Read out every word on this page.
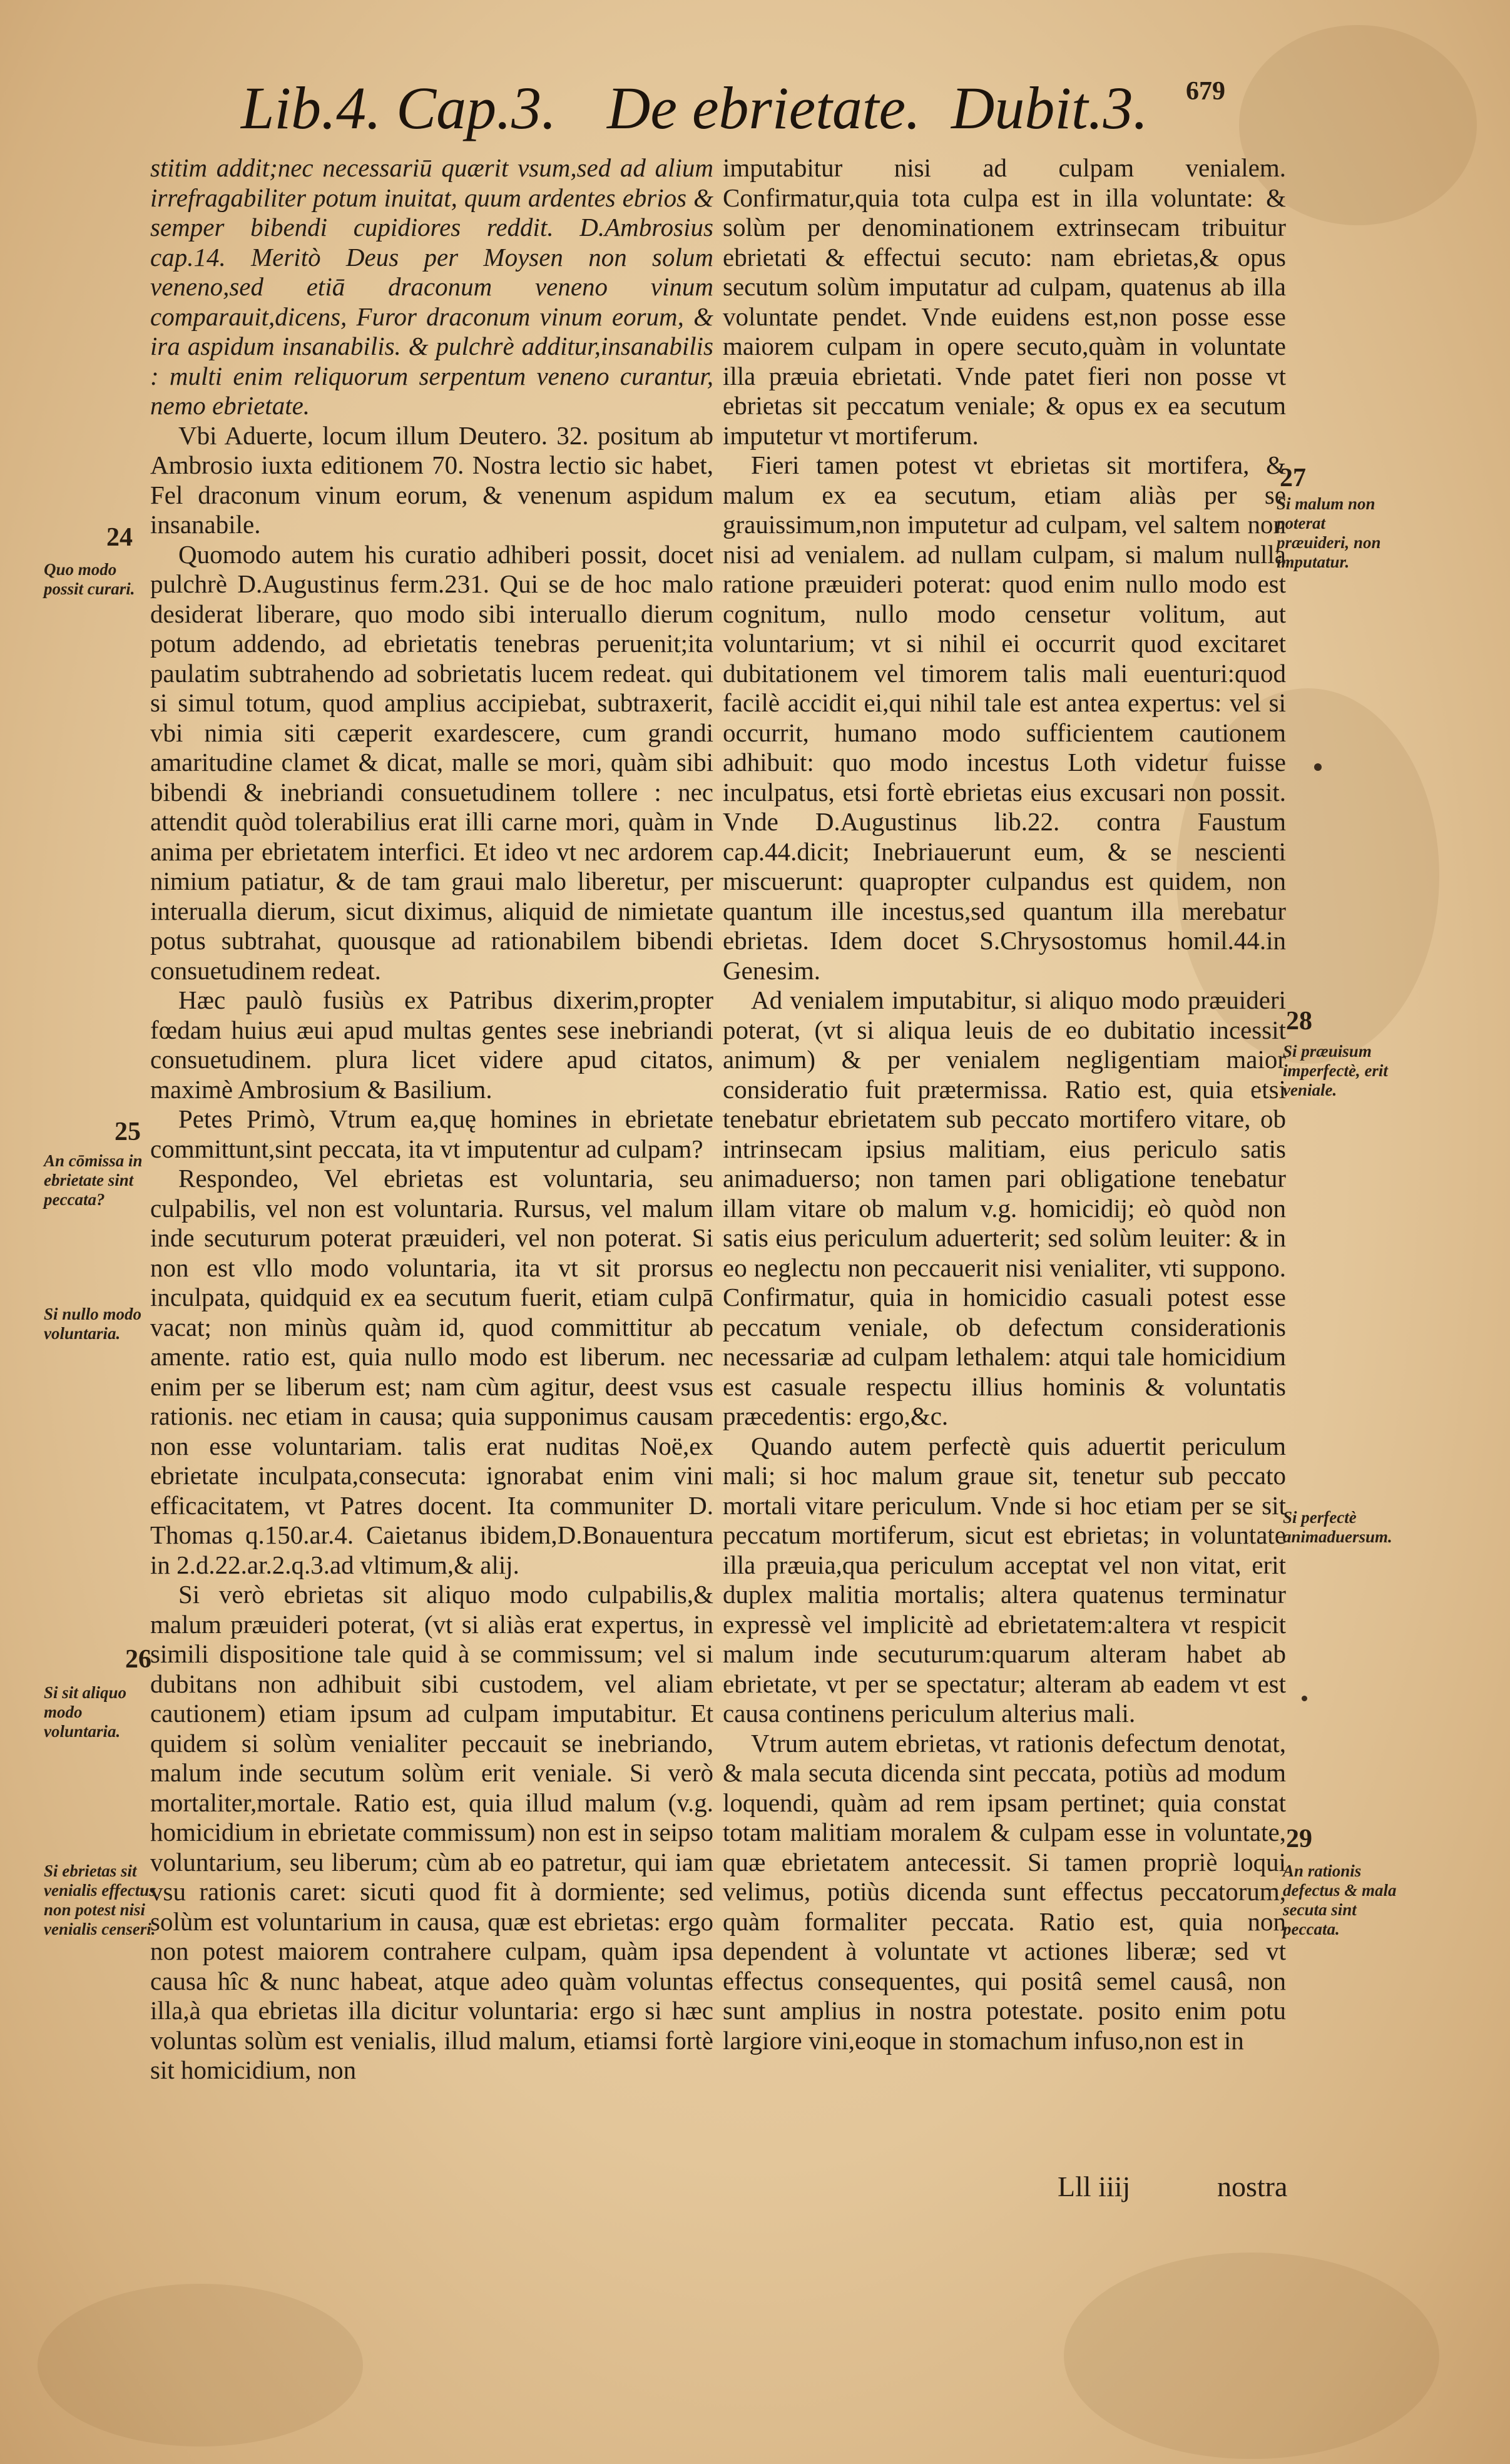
Lib.4. Cap.3. De ebrietate. Dubit.3. 679

stitim addit;nec necessariū quærit vsum,sed ad alium irrefragabiliter potum inuitat, quum ardentes ebrios & semper bibendi cupidiores reddit. D.Ambrosius cap.14. Meritò Deus per Moysen non solum veneno,sed etiā draconum veneno vinum comparauit,dicens, Furor draconum vinum eorum, & ira aspidum insanabilis. & pulchrè additur,insanabilis : multi enim reliquorum serpentum veneno curantur, nemo ebrietate.

Vbi Aduerte, locum illum Deutero. 32. positum ab Ambrosio iuxta editionem 70. Nostra lectio sic habet, Fel draconum vinum eorum, & venenum aspidum insanabile.

Quomodo autem his curatio adhiberi possit, docet pulchrè D.Augustinus ferm.231. Qui se de hoc malo desiderat liberare, quo modo sibi interuallo dierum potum addendo, ad ebrietatis tenebras peruenit;ita paulatim subtrahendo ad sobrietatis lucem redeat. qui si simul totum, quod amplius accipiebat, subtraxerit, vbi nimia siti cæperit exardescere, cum grandi amaritudine clamet & dicat, malle se mori, quàm sibi bibendi & inebriandi consuetudinem tollere : nec attendit quòd tolerabilius erat illi carne mori, quàm in anima per ebrietatem interfici. Et ideo vt nec ardorem nimium patiatur, & de tam graui malo liberetur, per interualla dierum, sicut diximus, aliquid de nimietate potus subtrahat, quousque ad rationabilem bibendi consuetudinem redeat.

Hæc paulò fusiùs ex Patribus dixerim,propter fœdam huius æui apud multas gentes sese inebriandi consuetudinem. plura licet videre apud citatos, maximè Ambrosium & Basilium.

Petes Primò, Vtrum ea,quę homines in ebrietate committunt,sint peccata, ita vt imputentur ad culpam?

Respondeo, Vel ebrietas est voluntaria, seu culpabilis, vel non est voluntaria. Rursus, vel malum inde secuturum poterat præuideri, vel non poterat. Si non est vllo modo voluntaria, ita vt sit prorsus inculpata, quidquid ex ea secutum fuerit, etiam culpā vacat; non minùs quàm id, quod committitur ab amente. ratio est, quia nullo modo est liberum. nec enim per se liberum est; nam cùm agitur, deest vsus rationis. nec etiam in causa; quia supponimus causam non esse voluntariam. talis erat nuditas Noë,ex ebrietate inculpata,consecuta: ignorabat enim vini efficacitatem, vt Patres docent. Ita communiter D. Thomas q.150.ar.4. Caietanus ibidem,D.Bonauentura in 2.d.22.ar.2.q.3.ad vltimum,& alij.

Si verò ebrietas sit aliquo modo culpabilis,& malum præuideri poterat, (vt si aliàs erat expertus, in simili dispositione tale quid à se commissum; vel si dubitans non adhibuit sibi custodem, vel aliam cautionem) etiam ipsum ad culpam imputabitur. Et quidem si solùm venialiter peccauit se inebriando, malum inde secutum solùm erit veniale. Si verò mortaliter,mortale. Ratio est, quia illud malum (v.g. homicidium in ebrietate commissum) non est in seipso voluntarium, seu liberum; cùm ab eo patretur, qui iam vsu rationis caret: sicuti quod fit à dormiente; sed solùm est voluntarium in causa, quæ est ebrietas: ergo non potest maiorem contrahere culpam, quàm ipsa causa hîc & nunc habeat, atque adeo quàm voluntas illa,à qua ebrietas illa dicitur voluntaria: ergo si hæc voluntas solùm est venialis, illud malum, etiamsi fortè sit homicidium, non

imputabitur nisi ad culpam venialem. Confirmatur,quia tota culpa est in illa voluntate: & solùm per denominationem extrinsecam tribuitur ebrietati & effectui secuto: nam ebrietas,& opus secutum solùm imputatur ad culpam, quatenus ab illa voluntate pendet. Vnde euidens est,non posse esse maiorem culpam in opere secuto,quàm in voluntate illa præuia ebrietati. Vnde patet fieri non posse vt ebrietas sit peccatum veniale; & opus ex ea secutum imputetur vt mortiferum.

Fieri tamen potest vt ebrietas sit mortifera, & malum ex ea secutum, etiam aliàs per se grauissimum,non imputetur ad culpam, vel saltem non nisi ad venialem. ad nullam culpam, si malum nulla ratione præuideri poterat: quod enim nullo modo est cognitum, nullo modo censetur volitum, aut voluntarium; vt si nihil ei occurrit quod excitaret dubitationem vel timorem talis mali euenturi:quod facilè accidit ei,qui nihil tale est antea expertus: vel si occurrit, humano modo sufficientem cautionem adhibuit: quo modo incestus Loth videtur fuisse inculpatus, etsi fortè ebrietas eius excusari non possit. Vnde D.Augustinus lib.22. contra Faustum cap.44.dicit; Inebriauerunt eum, & se nescienti miscuerunt: quapropter culpandus est quidem, non quantum ille incestus,sed quantum illa merebatur ebrietas. Idem docet S.Chrysostomus homil.44.in Genesim.

Ad venialem imputabitur, si aliquo modo præuideri poterat, (vt si aliqua leuis de eo dubitatio incessit animum) & per venialem negligentiam maior consideratio fuit prætermissa. Ratio est, quia etsi tenebatur ebrietatem sub peccato mortifero vitare, ob intrinsecam ipsius malitiam, eius periculo satis animaduerso; non tamen pari obligatione tenebatur illam vitare ob malum v.g. homicidij; eò quòd non satis eius periculum aduerterit; sed solùm leuiter: & in eo neglectu non peccauerit nisi venialiter, vti suppono. Confirmatur, quia in homicidio casuali potest esse peccatum veniale, ob defectum considerationis necessariæ ad culpam lethalem: atqui tale homicidium est casuale respectu illius hominis & voluntatis præcedentis: ergo,&c.

Quando autem perfectè quis aduertit periculum mali; si hoc malum graue sit, tenetur sub peccato mortali vitare periculum. Vnde si hoc etiam per se sit peccatum mortiferum, sicut est ebrietas; in voluntate illa præuia,qua periculum acceptat vel non vitat, erit duplex malitia mortalis; altera quatenus terminatur expressè vel implicitè ad ebrietatem:altera vt respicit malum inde secuturum:quarum alteram habet ab ebrietate, vt per se spectatur; alteram ab eadem vt est causa continens periculum alterius mali.

Vtrum autem ebrietas, vt rationis defectum denotat, & mala secuta dicenda sint peccata, potiùs ad modum loquendi, quàm ad rem ipsam pertinet; quia constat totam malitiam moralem & culpam esse in voluntate, quæ ebrietatem antecessit. Si tamen propriè loqui velimus, potiùs dicenda sunt effectus peccatorum, quàm formaliter peccata. Ratio est, quia non dependent à voluntate vt actiones liberæ; sed vt effectus consequentes, qui positâ semel causâ, non sunt amplius in nostra potestate. posito enim potu largiore vini,eoque in stomachum infuso,non est in

24
25
26
27
28
29
Quo modo possit curari.
An cōmissa in ebrietate sint peccata?
Si nullo modo voluntaria.
Si sit aliquo modo voluntaria.
Si ebrietas sit venialis effectus non potest nisi venialis censeri.
Si malum non poterat præuideri, non imputatur.
Si præuisum imperfectè, erit veniale.
Si perfectè animaduersum.
An rationis defectus & mala secuta sint peccata.
Lll iiij	nostra
